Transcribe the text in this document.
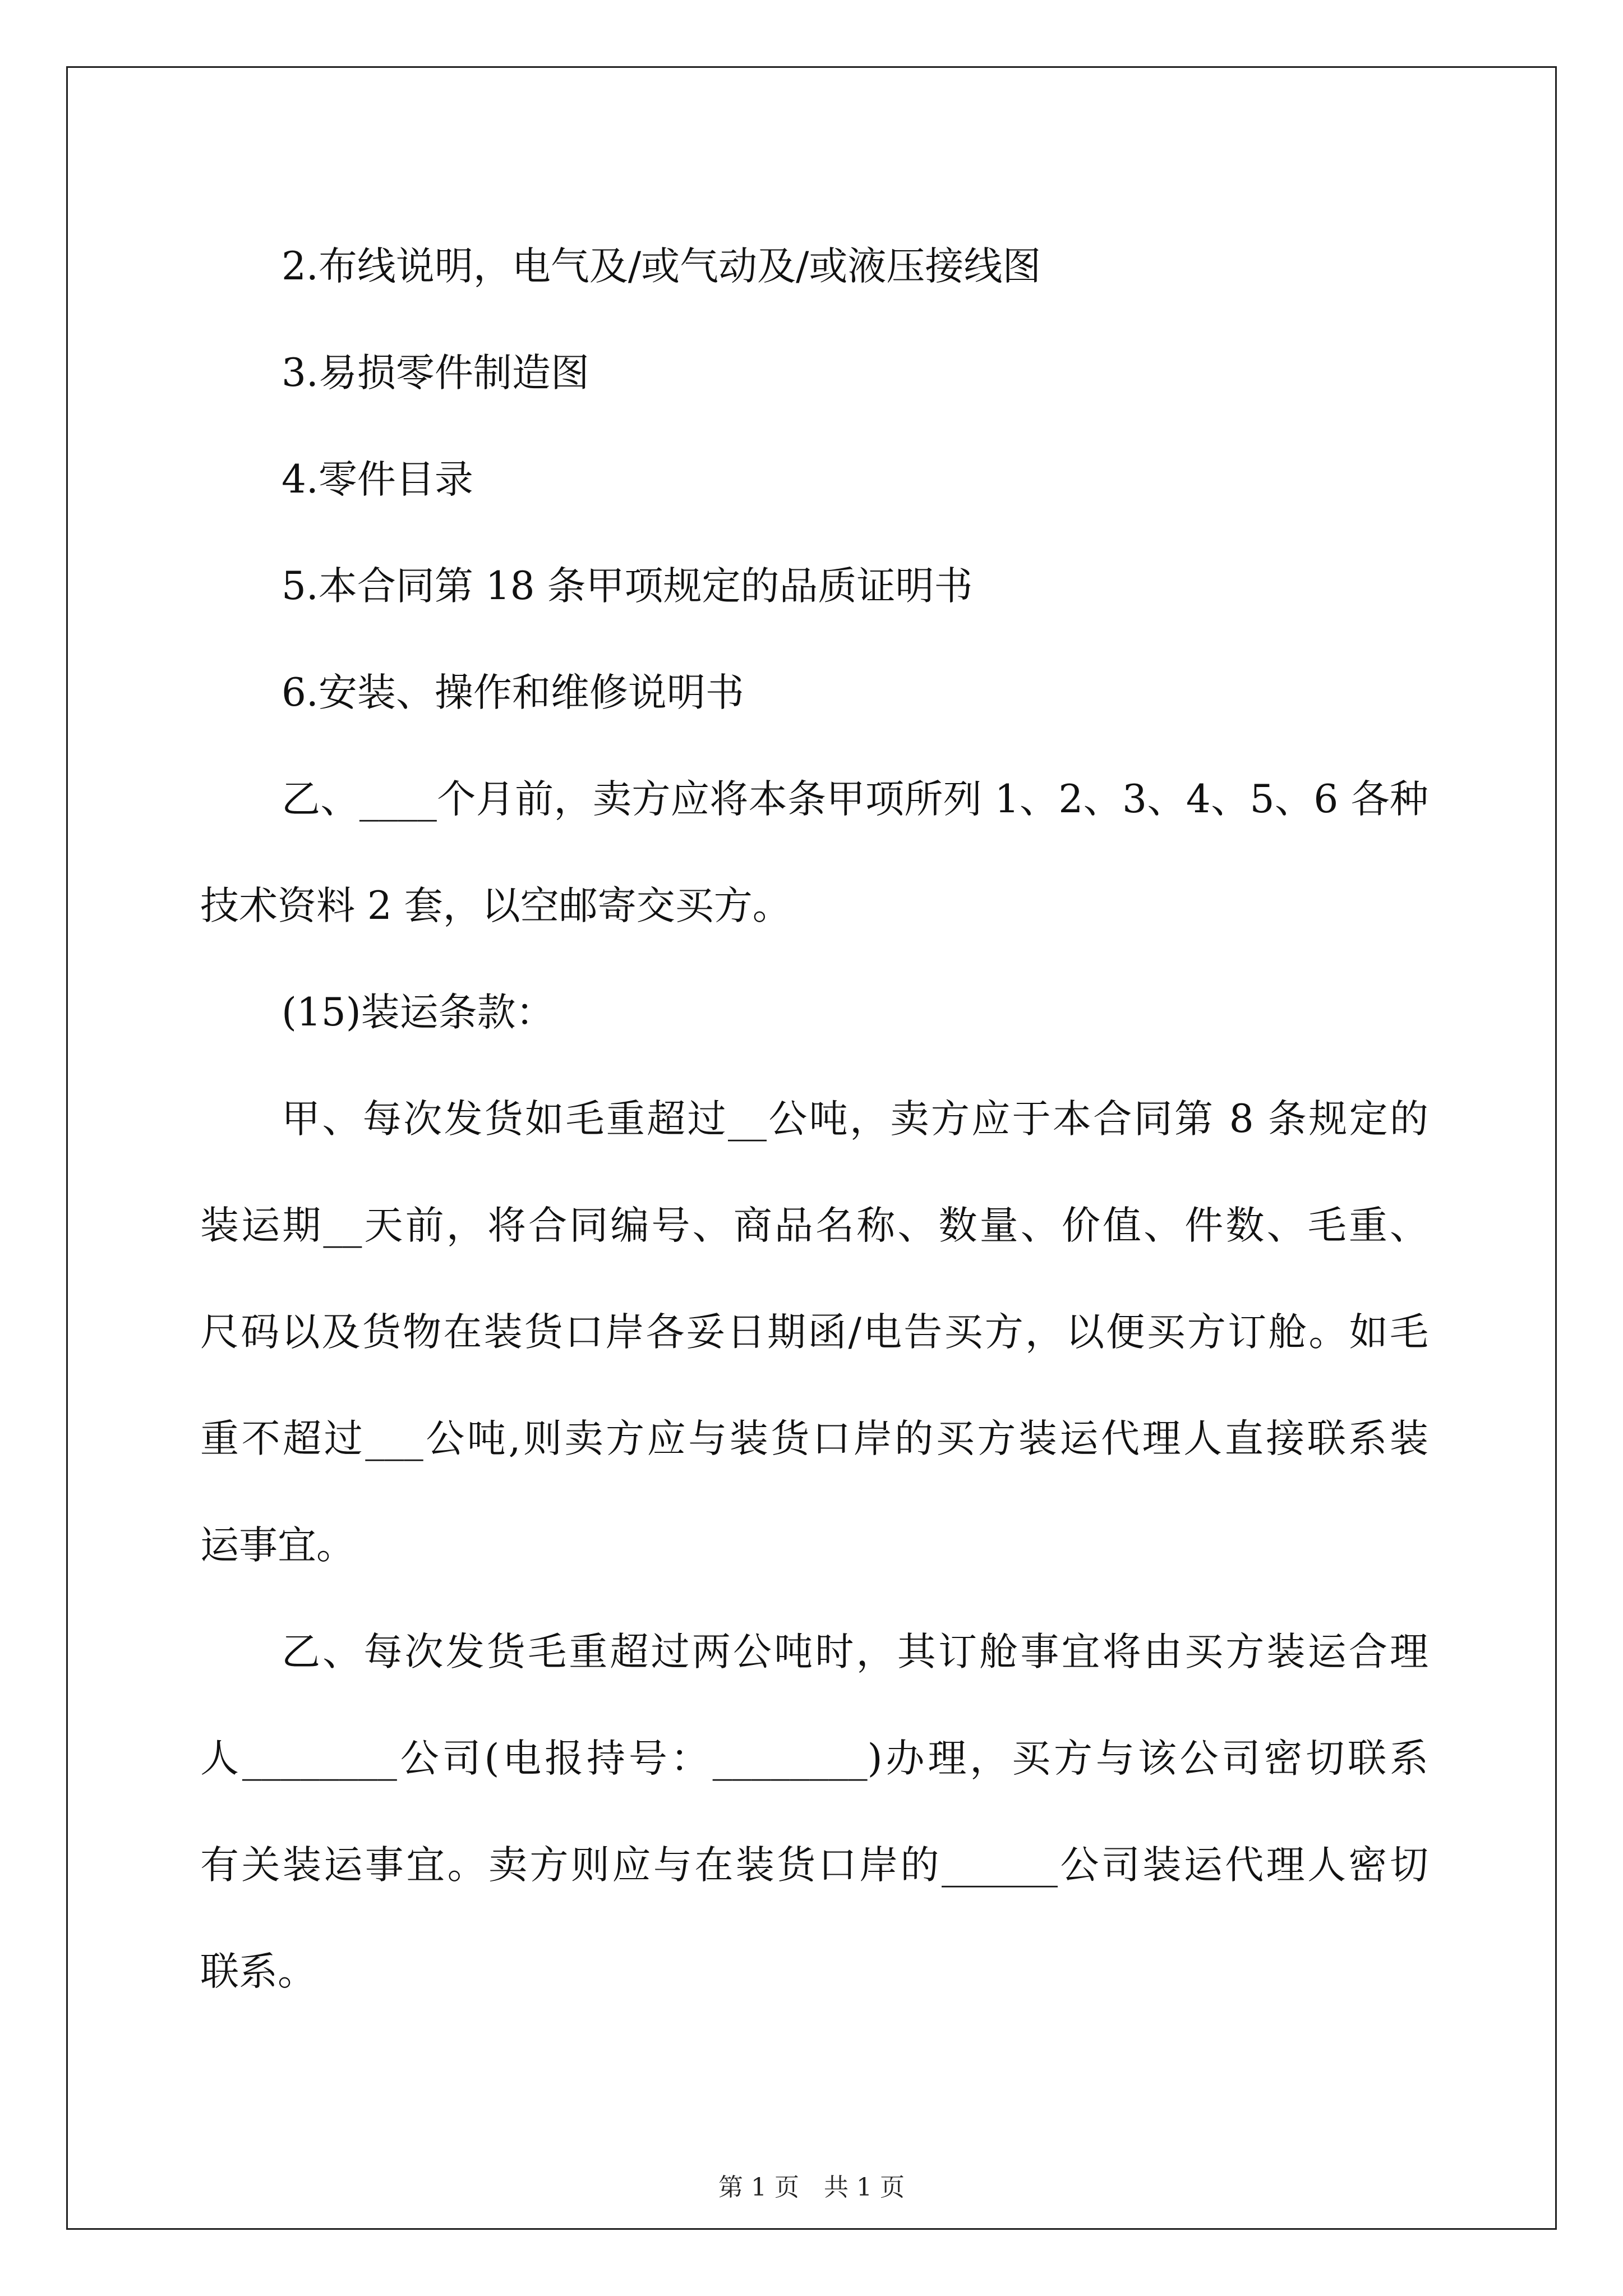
2.布线说明，电气及/或气动及/或液压接线图

3.易损零件制造图

4.零件目录

5.本合同第 18 条甲项规定的品质证明书

6.安装、操作和维修说明书

乙、____个月前，卖方应将本条甲项所列 1、2、3、4、5、6 各种
技术资料 2 套，以空邮寄交买方。

(15)装运条款：

甲、每次发货如毛重超过__公吨，卖方应于本合同第 8 条规定的
装运期__天前，将合同编号、商品名称、数量、价值、件数、毛重、
尺码以及货物在装货口岸各妥日期函/电告买方，以便买方订舱。如毛
重不超过___公吨,则卖方应与装货口岸的买方装运代理人直接联系装
运事宜。

乙、每次发货毛重超过两公吨时，其订舱事宜将由买方装运合理
人________公司(电报持号：________)办理，买方与该公司密切联系
有关装运事宜。卖方则应与在装货口岸的______公司装运代理人密切
联系。

第 1 页　共 1 页
